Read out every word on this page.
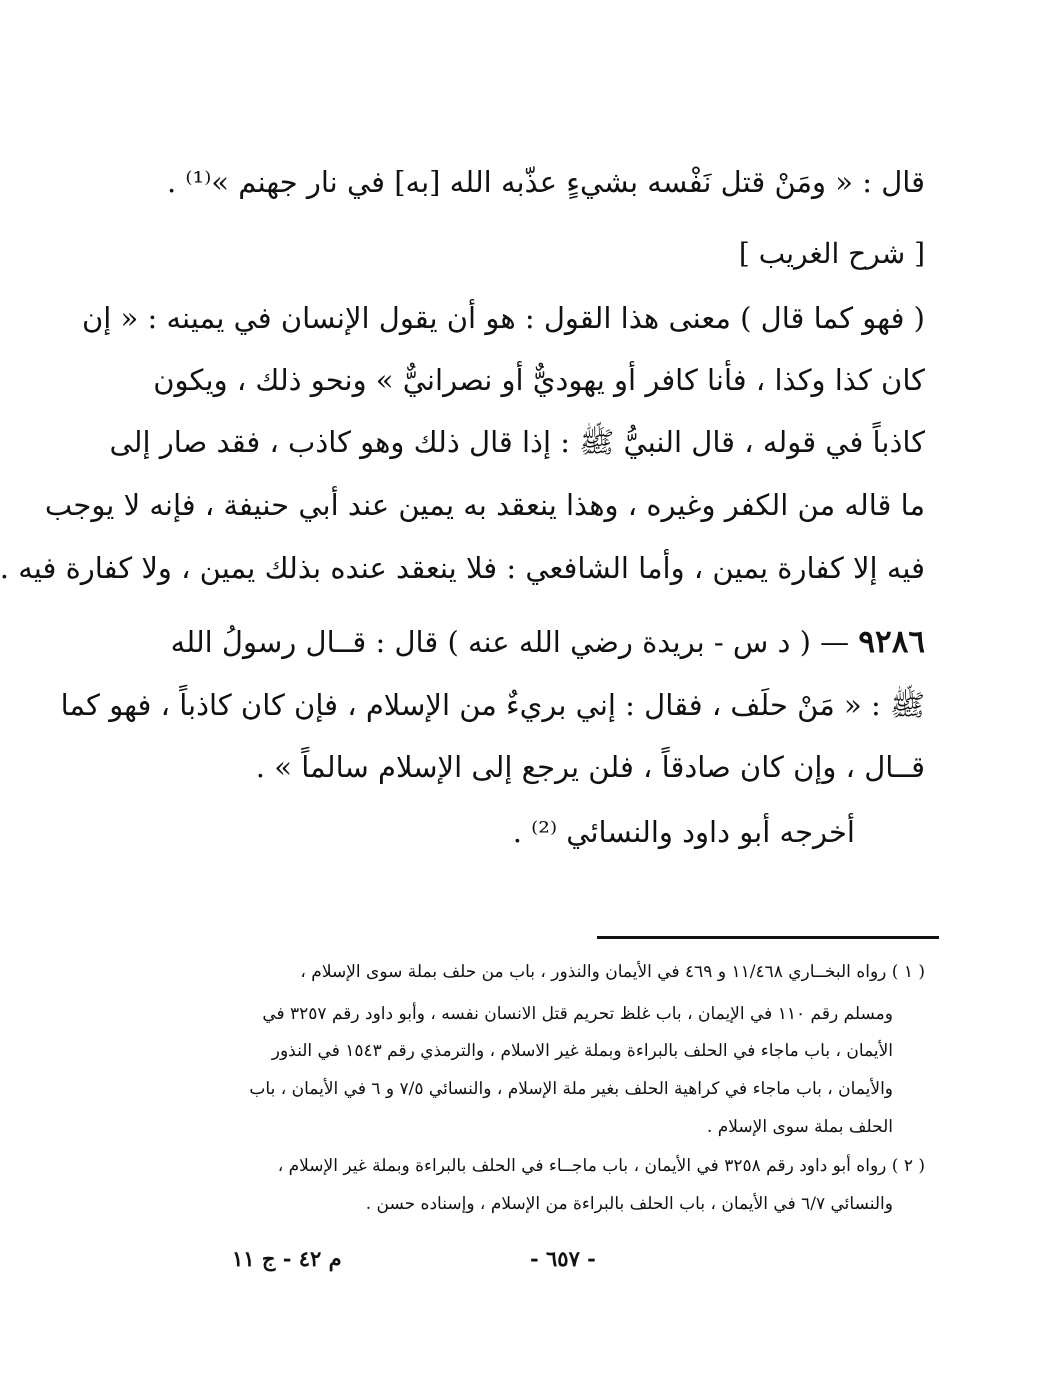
قال : « ومَنْ قتل نَفْسه بشيءٍ عذّبه الله [به] في نار جهنم »⁽¹⁾ .
[ شرح الغريب ]
( فهو كما قال ) معنى هذا القول : هو أن يقول الإنسان في يمينه : « إن
كان كذا وكذا ، فأنا كافر أو يهوديٌّ أو نصرانيٌّ » ونحو ذلك ، ويكون
كاذباً في قوله ، قال النبيُّ ﷺ : إذا قال ذلك وهو كاذب ، فقد صار إلى
ما قاله من الكفر وغيره ، وهذا ينعقد به يمين عند أبي حنيفة ، فإنه لا يوجب
فيه إلا كفارة يمين ، وأما الشافعي : فلا ينعقد عنده بذلك يمين ، ولا كفارة فيه .
٩٢٨٦ — ( د س - بريدة رضي الله عنه ) قال : قــال رسولُ الله
ﷺ : « مَنْ حلَف ، فقال : إني بريءٌ من الإسلام ، فإن كان كاذباً ، فهو كما
قــال ، وإن كان صادقاً ، فلن يرجع إلى الإسلام سالماً » .
أخرجه أبو داود والنسائي ⁽²⁾ .
( ١ ) رواه البخــاري ١١/٤٦٨ و ٤٦٩ في الأيمان والنذور ، باب من حلف بملة سوى الإسلام ،
ومسلم رقم ١١٠ في الإيمان ، باب غلظ تحريم قتل الانسان نفسه ، وأبو داود رقم ٣٢٥٧ في
الأيمان ، باب ماجاء في الحلف بالبراءة وبملة غير الاسلام ، والترمذي رقم ١٥٤٣ في النذور
والأيمان ، باب ماجاء في كراهية الحلف بغير ملة الإسلام ، والنسائي ٧/٥ و ٦ في الأيمان ، باب
الحلف بملة سوى الإسلام .
( ٢ ) رواه أبو داود رقم ٣٢٥٨ في الأيمان ، باب ماجــاء في الحلف بالبراءة وبملة غير الإسلام ،
والنسائي ٦/٧ في الأيمان ، باب الحلف بالبراءة من الإسلام ، وإسناده حسن .
- ٦٥٧ -
م ٤٢ - ج ١١
